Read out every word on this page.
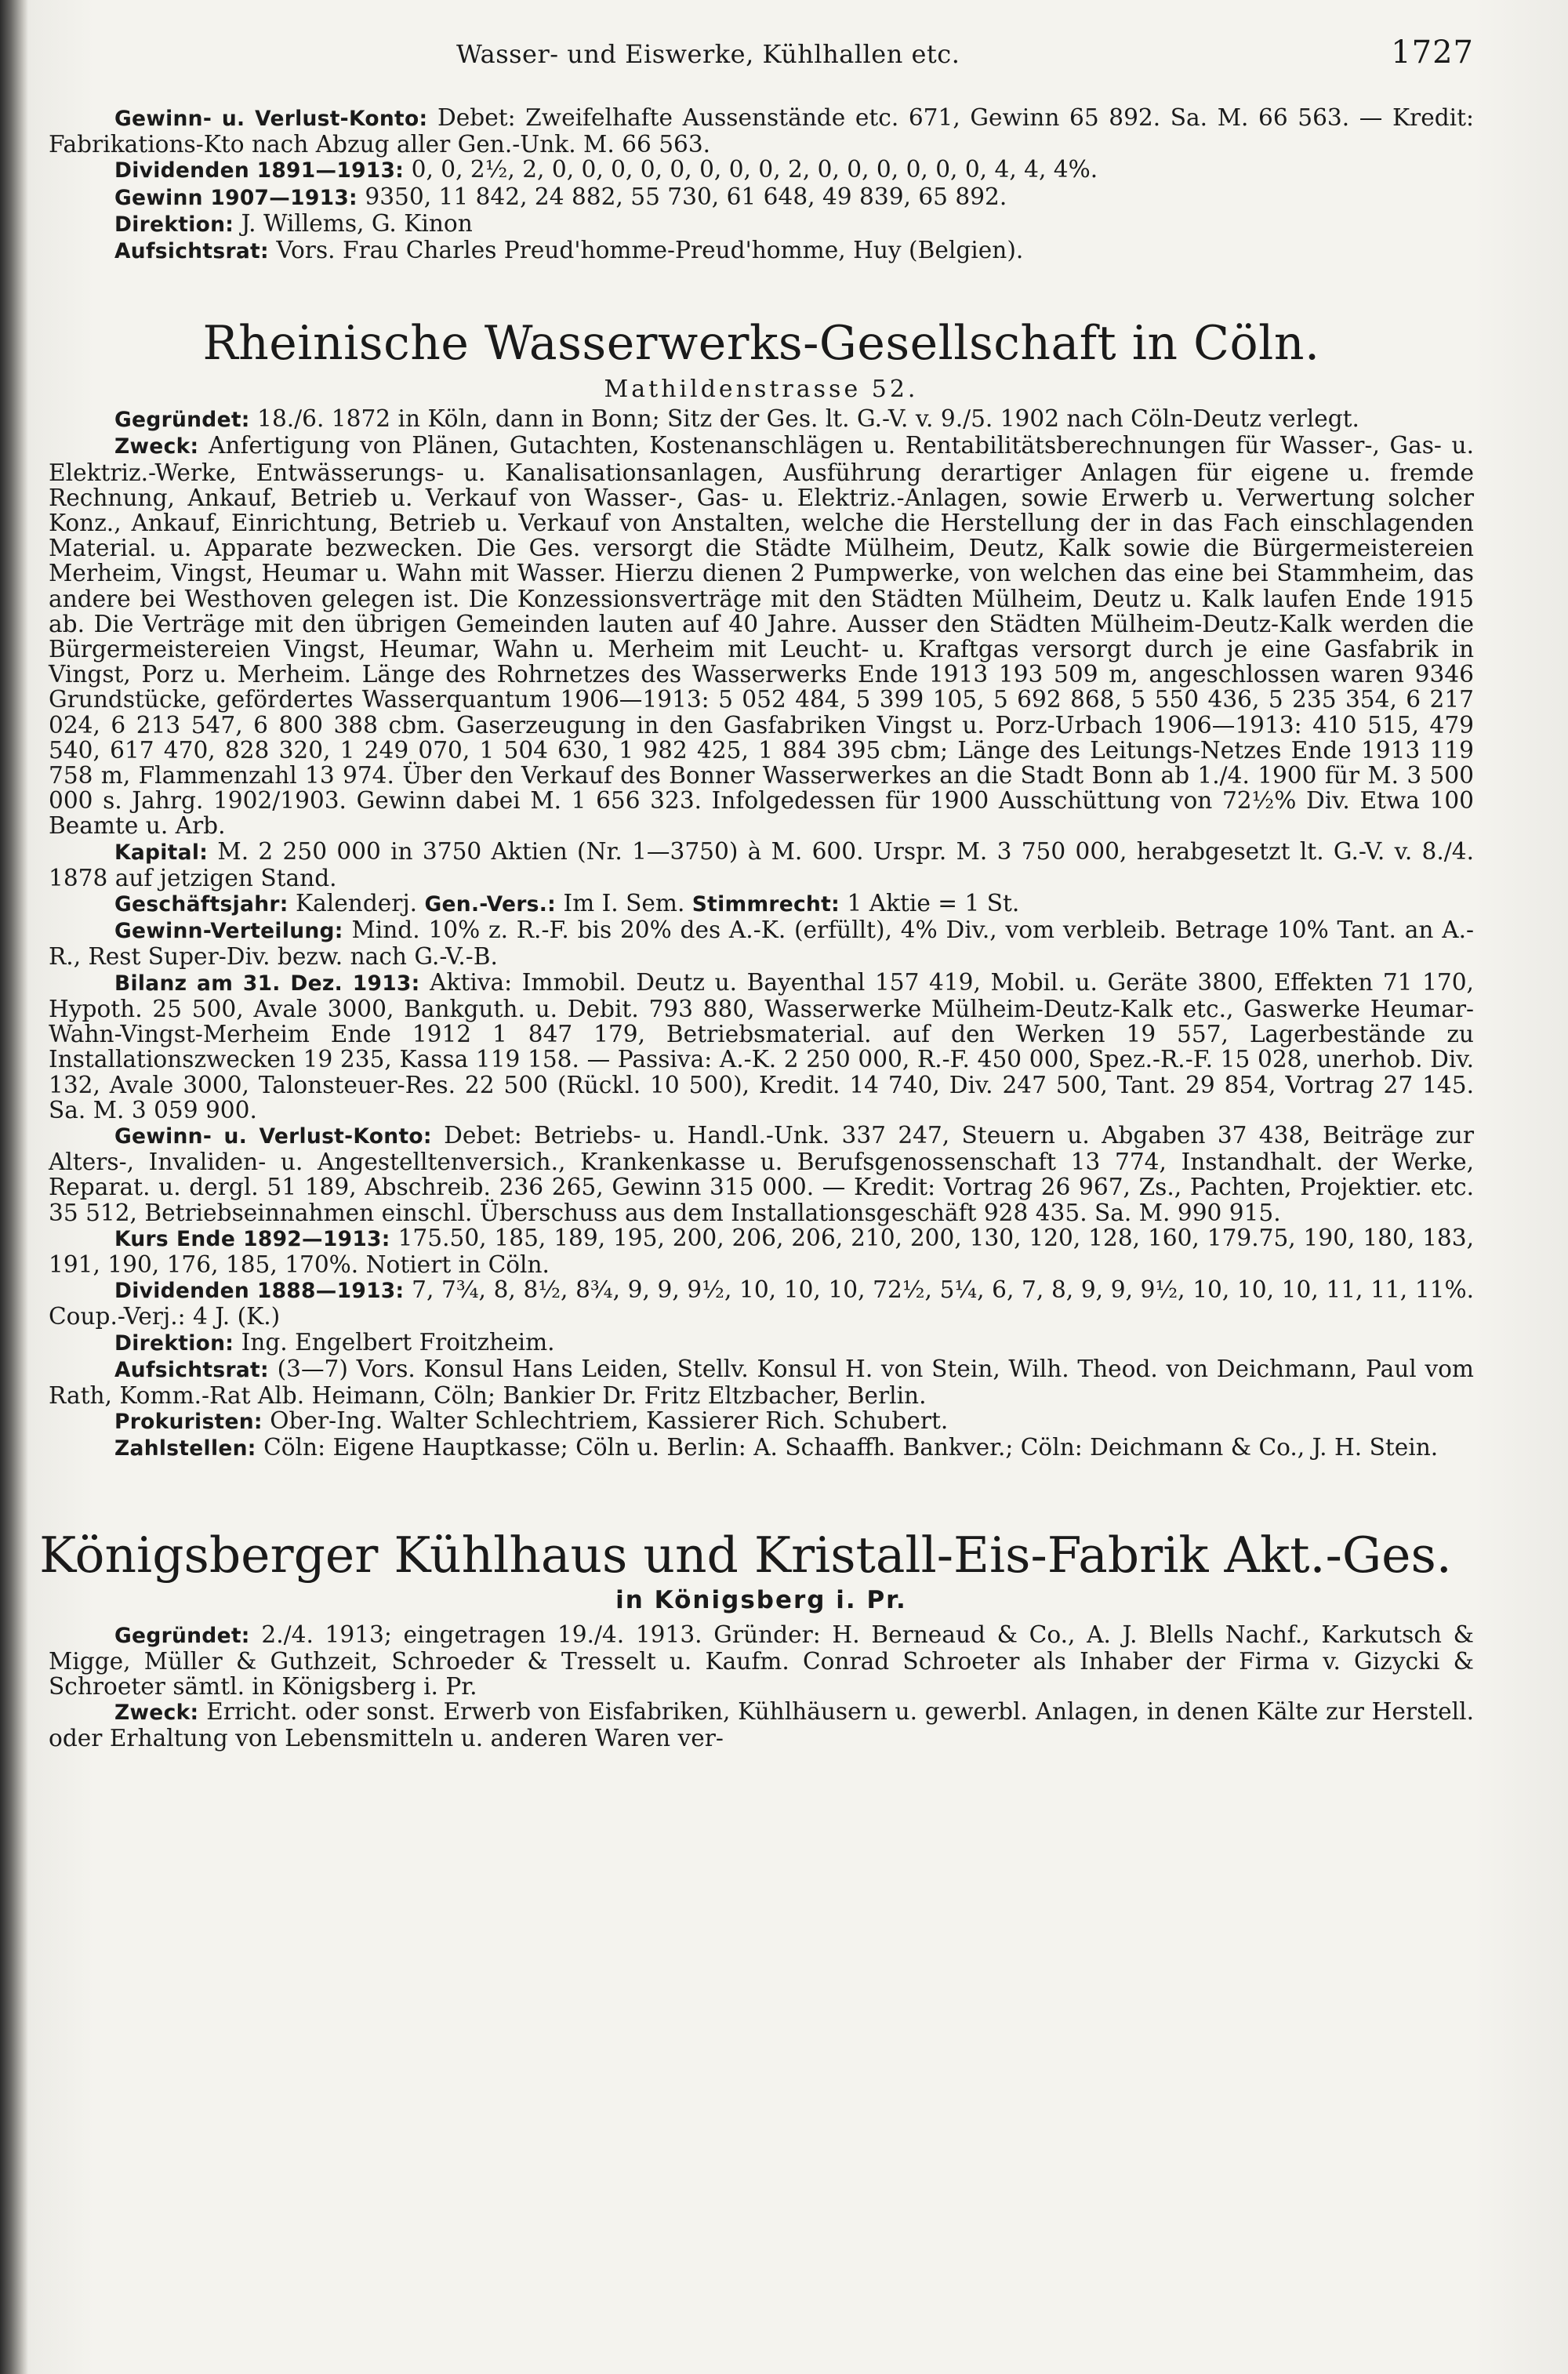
Wasser- und Eiswerke, Kühlhallen etc.	1727

Gewinn- u. Verlust-Konto: Debet: Zweifelhafte Aussenstände etc. 671, Gewinn 65 892. Sa. M. 66 563. — Kredit: Fabrikations-Kto nach Abzug aller Gen.-Unk. M. 66 563.

Dividenden 1891—1913: 0, 0, 2½, 2, 0, 0, 0, 0, 0, 0, 0, 0, 2, 0, 0, 0, 0, 0, 0, 4, 4, 4%.

Gewinn 1907—1913: 9350, 11 842, 24 882, 55 730, 61 648, 49 839, 65 892.

Direktion: J. Willems, G. Kinon

Aufsichtsrat: Vors. Frau Charles Preud'homme-Preud'homme, Huy (Belgien).

Rheinische Wasserwerks-Gesellschaft in Cöln.
Mathildenstrasse 52.

Gegründet: 18./6. 1872 in Köln, dann in Bonn; Sitz der Ges. lt. G.-V. v. 9./5. 1902 nach Cöln-Deutz verlegt.

Zweck: Anfertigung von Plänen, Gutachten, Kostenanschlägen u. Rentabilitätsberechnungen für Wasser-, Gas- u. Elektriz.-Werke, Entwässerungs- u. Kanalisationsanlagen, Ausführung derartiger Anlagen für eigene u. fremde Rechnung, Ankauf, Betrieb u. Verkauf von Wasser-, Gas- u. Elektriz.-Anlagen, sowie Erwerb u. Verwertung solcher Konz., Ankauf, Einrichtung, Betrieb u. Verkauf von Anstalten, welche die Herstellung der in das Fach einschlagenden Material. u. Apparate bezwecken. Die Ges. versorgt die Städte Mülheim, Deutz, Kalk sowie die Bürgermeistereien Merheim, Vingst, Heumar u. Wahn mit Wasser. Hierzu dienen 2 Pumpwerke, von welchen das eine bei Stammheim, das andere bei Westhoven gelegen ist. Die Konzessionsverträge mit den Städten Mülheim, Deutz u. Kalk laufen Ende 1915 ab. Die Verträge mit den übrigen Gemeinden lauten auf 40 Jahre. Ausser den Städten Mülheim-Deutz-Kalk werden die Bürgermeistereien Vingst, Heumar, Wahn u. Merheim mit Leucht- u. Kraftgas versorgt durch je eine Gasfabrik in Vingst, Porz u. Merheim. Länge des Rohrnetzes des Wasserwerks Ende 1913 193 509 m, angeschlossen waren 9346 Grundstücke, gefördertes Wasserquantum 1906—1913: 5 052 484, 5 399 105, 5 692 868, 5 550 436, 5 235 354, 6 217 024, 6 213 547, 6 800 388 cbm. Gaserzeugung in den Gasfabriken Vingst u. Porz-Urbach 1906—1913: 410 515, 479 540, 617 470, 828 320, 1 249 070, 1 504 630, 1 982 425, 1 884 395 cbm; Länge des Leitungs-Netzes Ende 1913 119 758 m, Flammenzahl 13 974. Über den Verkauf des Bonner Wasserwerkes an die Stadt Bonn ab 1./4. 1900 für M. 3 500 000 s. Jahrg. 1902/1903. Gewinn dabei M. 1 656 323. Infolgedessen für 1900 Ausschüttung von 72½% Div. Etwa 100 Beamte u. Arb.

Kapital: M. 2 250 000 in 3750 Aktien (Nr. 1—3750) à M. 600. Urspr. M. 3 750 000, herabgesetzt lt. G.-V. v. 8./4. 1878 auf jetzigen Stand.

Geschäftsjahr: Kalenderj. Gen.-Vers.: Im I. Sem. Stimmrecht: 1 Aktie = 1 St.

Gewinn-Verteilung: Mind. 10% z. R.-F. bis 20% des A.-K. (erfüllt), 4% Div., vom verbleib. Betrage 10% Tant. an A.-R., Rest Super-Div. bezw. nach G.-V.-B.

Bilanz am 31. Dez. 1913: Aktiva: Immobil. Deutz u. Bayenthal 157 419, Mobil. u. Geräte 3800, Effekten 71 170, Hypoth. 25 500, Avale 3000, Bankguth. u. Debit. 793 880, Wasserwerke Mülheim-Deutz-Kalk etc., Gaswerke Heumar-Wahn-Vingst-Merheim Ende 1912 1 847 179, Betriebsmaterial. auf den Werken 19 557, Lagerbestände zu Installationszwecken 19 235, Kassa 119 158. — Passiva: A.-K. 2 250 000, R.-F. 450 000, Spez.-R.-F. 15 028, unerhob. Div. 132, Avale 3000, Talonsteuer-Res. 22 500 (Rückl. 10 500), Kredit. 14 740, Div. 247 500, Tant. 29 854, Vortrag 27 145. Sa. M. 3 059 900.

Gewinn- u. Verlust-Konto: Debet: Betriebs- u. Handl.-Unk. 337 247, Steuern u. Abgaben 37 438, Beiträge zur Alters-, Invaliden- u. Angestelltenversich., Krankenkasse u. Berufsgenossenschaft 13 774, Instandhalt. der Werke, Reparat. u. dergl. 51 189, Abschreib. 236 265, Gewinn 315 000. — Kredit: Vortrag 26 967, Zs., Pachten, Projektier. etc. 35 512, Betriebseinnahmen einschl. Überschuss aus dem Installationsgeschäft 928 435. Sa. M. 990 915.

Kurs Ende 1892—1913: 175.50, 185, 189, 195, 200, 206, 206, 210, 200, 130, 120, 128, 160, 179.75, 190, 180, 183, 191, 190, 176, 185, 170%. Notiert in Cöln.

Dividenden 1888—1913: 7, 7¾, 8, 8½, 8¾, 9, 9, 9½, 10, 10, 10, 72½, 5¼, 6, 7, 8, 9, 9, 9½, 10, 10, 10, 11, 11, 11%. Coup.-Verj.: 4 J. (K.)

Direktion: Ing. Engelbert Froitzheim.

Aufsichtsrat: (3—7) Vors. Konsul Hans Leiden, Stellv. Konsul H. von Stein, Wilh. Theod. von Deichmann, Paul vom Rath, Komm.-Rat Alb. Heimann, Cöln; Bankier Dr. Fritz Eltzbacher, Berlin.

Prokuristen: Ober-Ing. Walter Schlechtriem, Kassierer Rich. Schubert.

Zahlstellen: Cöln: Eigene Hauptkasse; Cöln u. Berlin: A. Schaaffh. Bankver.; Cöln: Deichmann & Co., J. H. Stein.

Königsberger Kühlhaus und Kristall-Eis-Fabrik Akt.-Ges.
in Königsberg i. Pr.

Gegründet: 2./4. 1913; eingetragen 19./4. 1913. Gründer: H. Berneaud & Co., A. J. Blells Nachf., Karkutsch & Migge, Müller & Guthzeit, Schroeder & Tresselt u. Kaufm. Conrad Schroeter als Inhaber der Firma v. Gizycki & Schroeter sämtl. in Königsberg i. Pr.

Zweck: Erricht. oder sonst. Erwerb von Eisfabriken, Kühlhäusern u. gewerbl. Anlagen, in denen Kälte zur Herstell. oder Erhaltung von Lebensmitteln u. anderen Waren ver-
